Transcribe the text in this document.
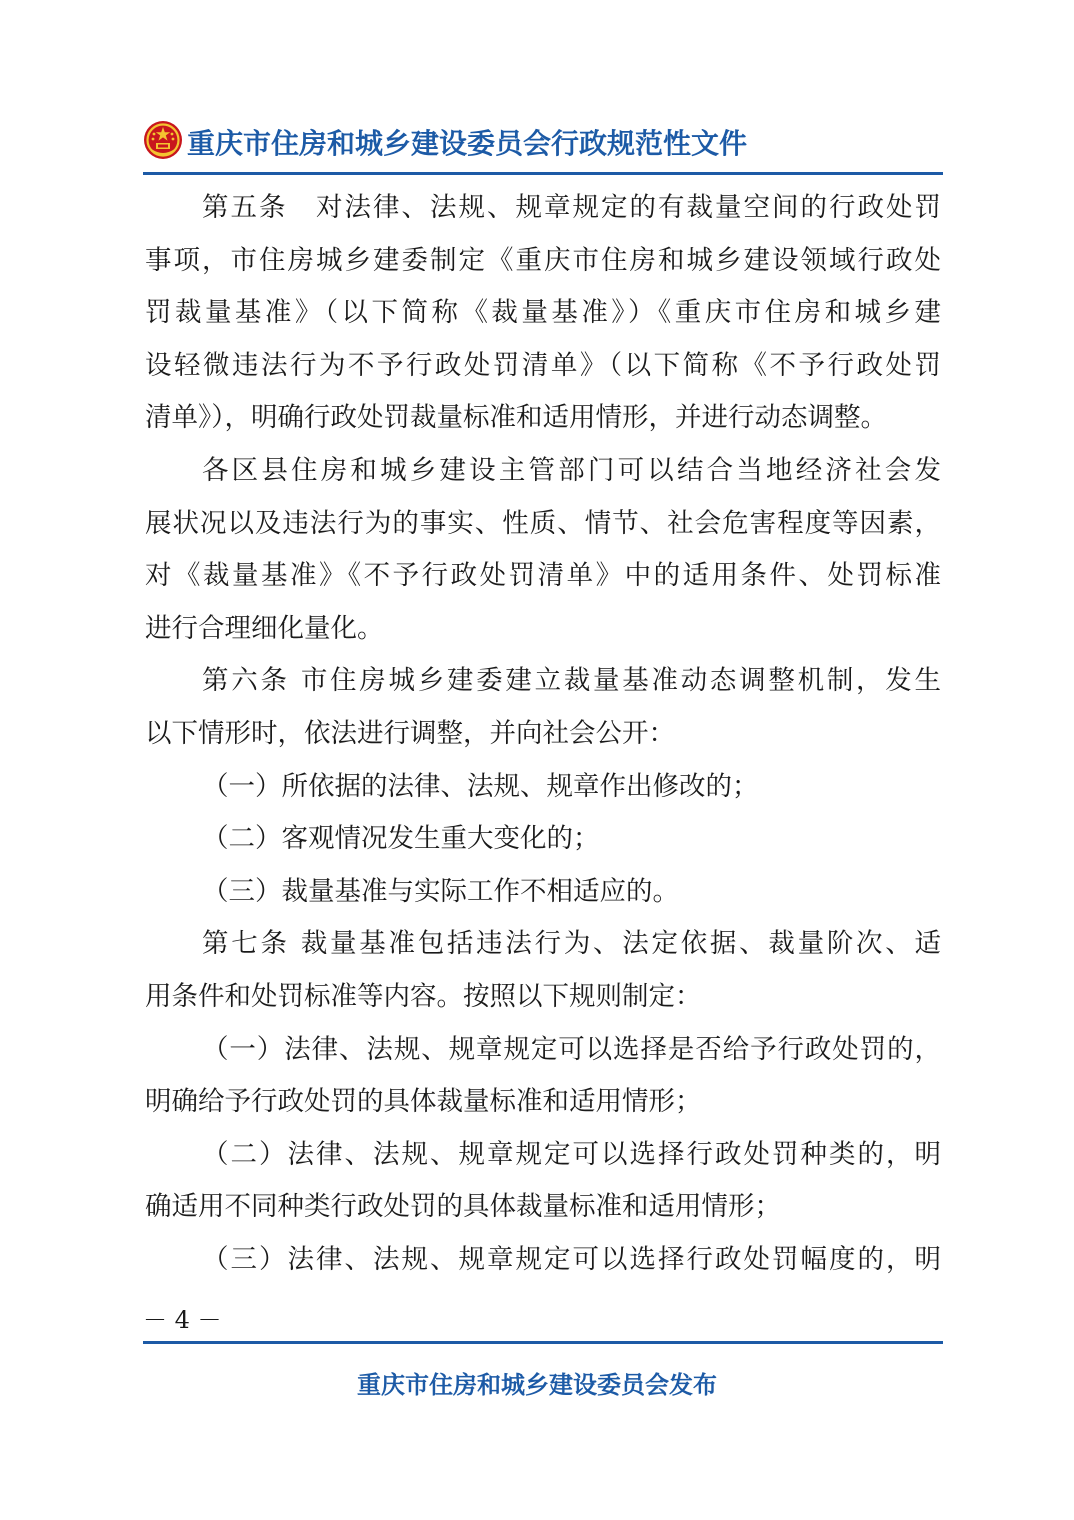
重庆市住房和城乡建设委员会行政规范性文件
第五条　对法律、法规、规章规定的有裁量空间的行政处罚
事项，市住房城乡建委制定《重庆市住房和城乡建设领域行政处
罚裁量基准》（以下简称《裁量基准》）《重庆市住房和城乡建
设轻微违法行为不予行政处罚清单》（以下简称《不予行政处罚
清单》），明确行政处罚裁量标准和适用情形，并进行动态调整。
各区县住房和城乡建设主管部门可以结合当地经济社会发
展状况以及违法行为的事实、性质、情节、社会危害程度等因素，
对《裁量基准》《不予行政处罚清单》中的适用条件、处罚标准
进行合理细化量化。
第六条 市住房城乡建委建立裁量基准动态调整机制，发生
以下情形时，依法进行调整，并向社会公开：
（一）所依据的法律、法规、规章作出修改的；
（二）客观情况发生重大变化的；
（三）裁量基准与实际工作不相适应的。
第七条 裁量基准包括违法行为、法定依据、裁量阶次、适
用条件和处罚标准等内容。按照以下规则制定：
（一）法律、法规、规章规定可以选择是否给予行政处罚的，
明确给予行政处罚的具体裁量标准和适用情形；
（二）法律、法规、规章规定可以选择行政处罚种类的，明
确适用不同种类行政处罚的具体裁量标准和适用情形；
（三）法律、法规、规章规定可以选择行政处罚幅度的，明
－ 4 －
重庆市住房和城乡建设委员会发布
